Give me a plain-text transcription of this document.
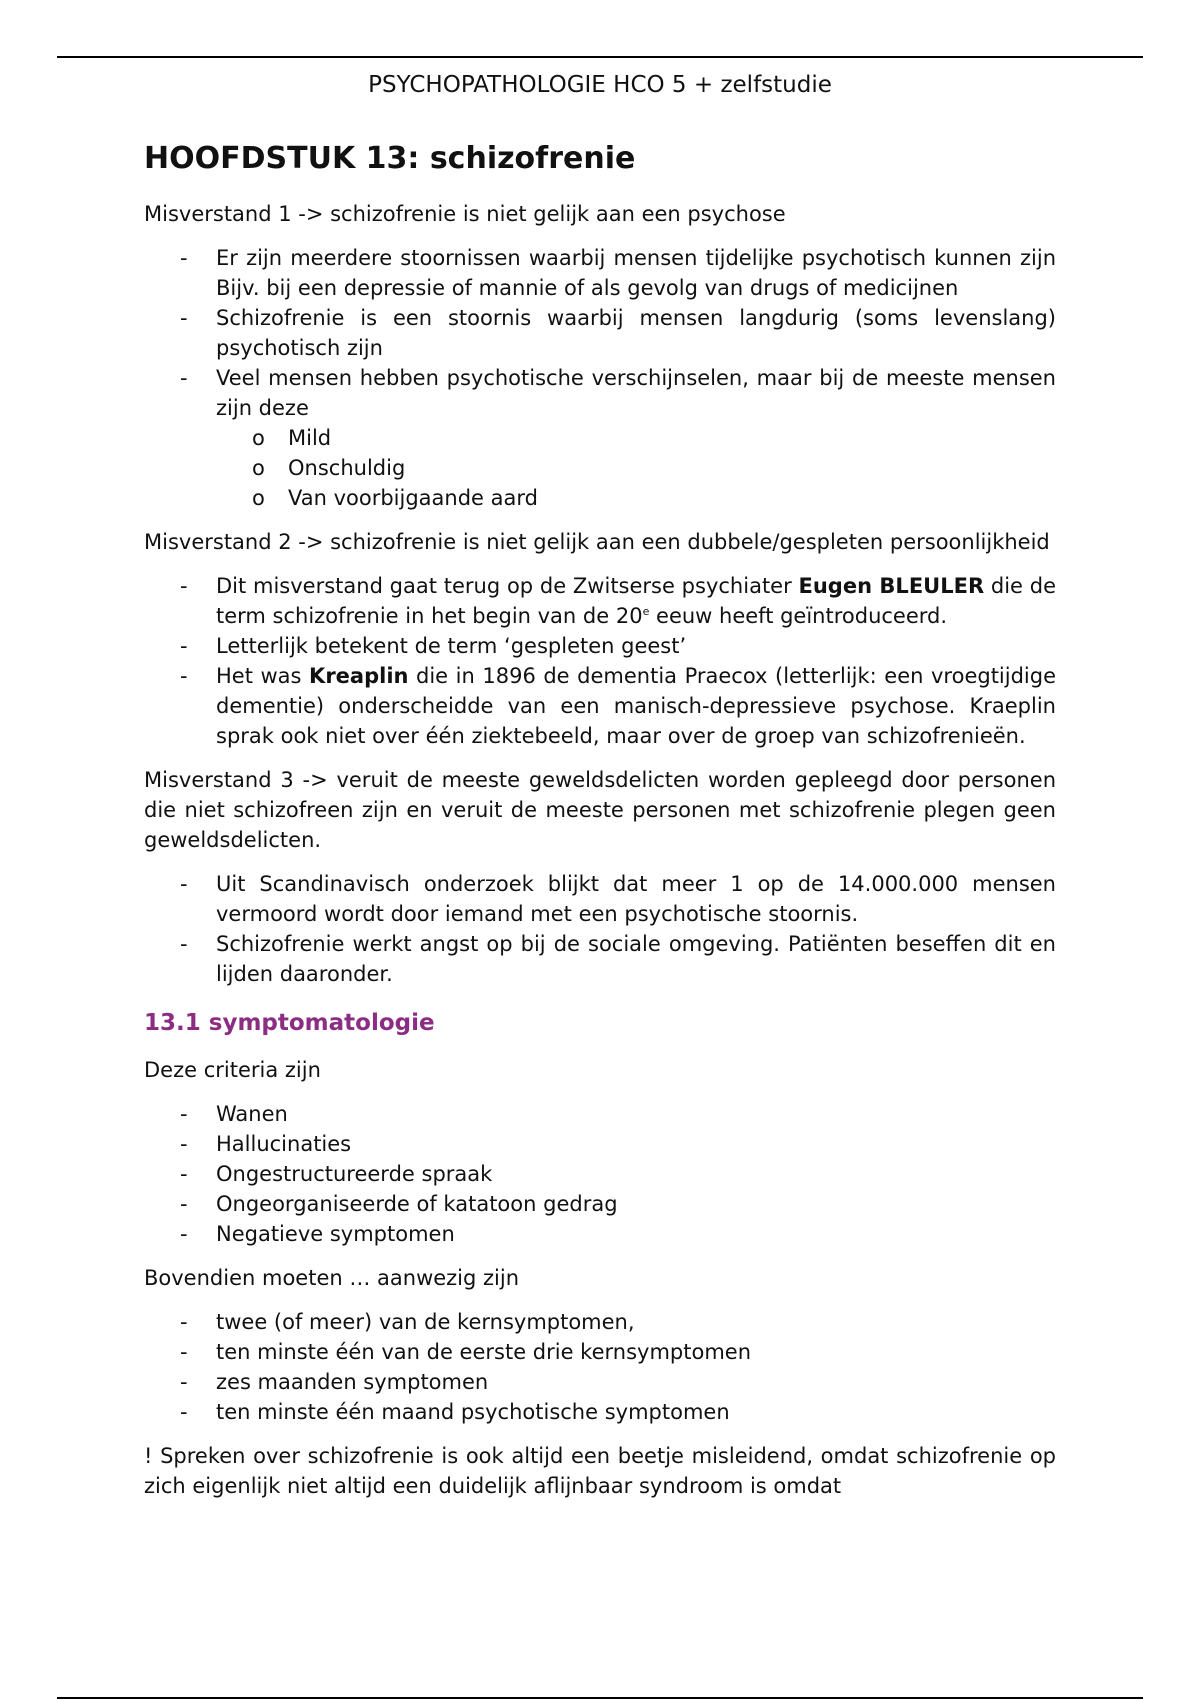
PSYCHOPATHOLOGIE HCO 5 + zelfstudie
HOOFDSTUK 13: schizofrenie

Misverstand 1 -> schizofrenie is niet gelijk aan een psychose

- Er zijn meerdere stoornissen waarbij mensen tijdelijke psychotisch kunnen zijn Bijv. bij een depressie of mannie of als gevolg van drugs of medicijnen
- Schizofrenie is een stoornis waarbij mensen langdurig (soms levenslang) psychotisch zijn
- Veel mensen hebben psychotische verschijnselen, maar bij de meeste mensen zijn deze
o Mild
o Onschuldig
o Van voorbijgaande aard

Misverstand 2 -> schizofrenie is niet gelijk aan een dubbele/gespleten persoonlijkheid

- Dit misverstand gaat terug op de Zwitserse psychiater Eugen BLEULER die de term schizofrenie in het begin van de 20e eeuw heeft geïntroduceerd.
- Letterlijk betekent de term ‘gespleten geest’
- Het was Kreaplin die in 1896 de dementia Praecox (letterlijk: een vroegtijdige dementie) onderscheidde van een manisch-depressieve psychose. Kraeplin sprak ook niet over één ziektebeeld, maar over de groep van schizofrenieën.

Misverstand 3 -> veruit de meeste geweldsdelicten worden gepleegd door personen die niet schizofreen zijn en veruit de meeste personen met schizofrenie plegen geen geweldsdelicten.

- Uit Scandinavisch onderzoek blijkt dat meer 1 op de 14.000.000 mensen vermoord wordt door iemand met een psychotische stoornis.
- Schizofrenie werkt angst op bij de sociale omgeving. Patiënten beseffen dit en lijden daaronder.
13.1 symptomatologie

Deze criteria zijn

- Wanen
- Hallucinaties
- Ongestructureerde spraak
- Ongeorganiseerde of katatoon gedrag
- Negatieve symptomen

Bovendien moeten … aanwezig zijn

- twee (of meer) van de kernsymptomen,
- ten minste één van de eerste drie kernsymptomen
- zes maanden symptomen
- ten minste één maand psychotische symptomen

! Spreken over schizofrenie is ook altijd een beetje misleidend, omdat schizofrenie op zich eigenlijk niet altijd een duidelijk aflijnbaar syndroom is omdat
